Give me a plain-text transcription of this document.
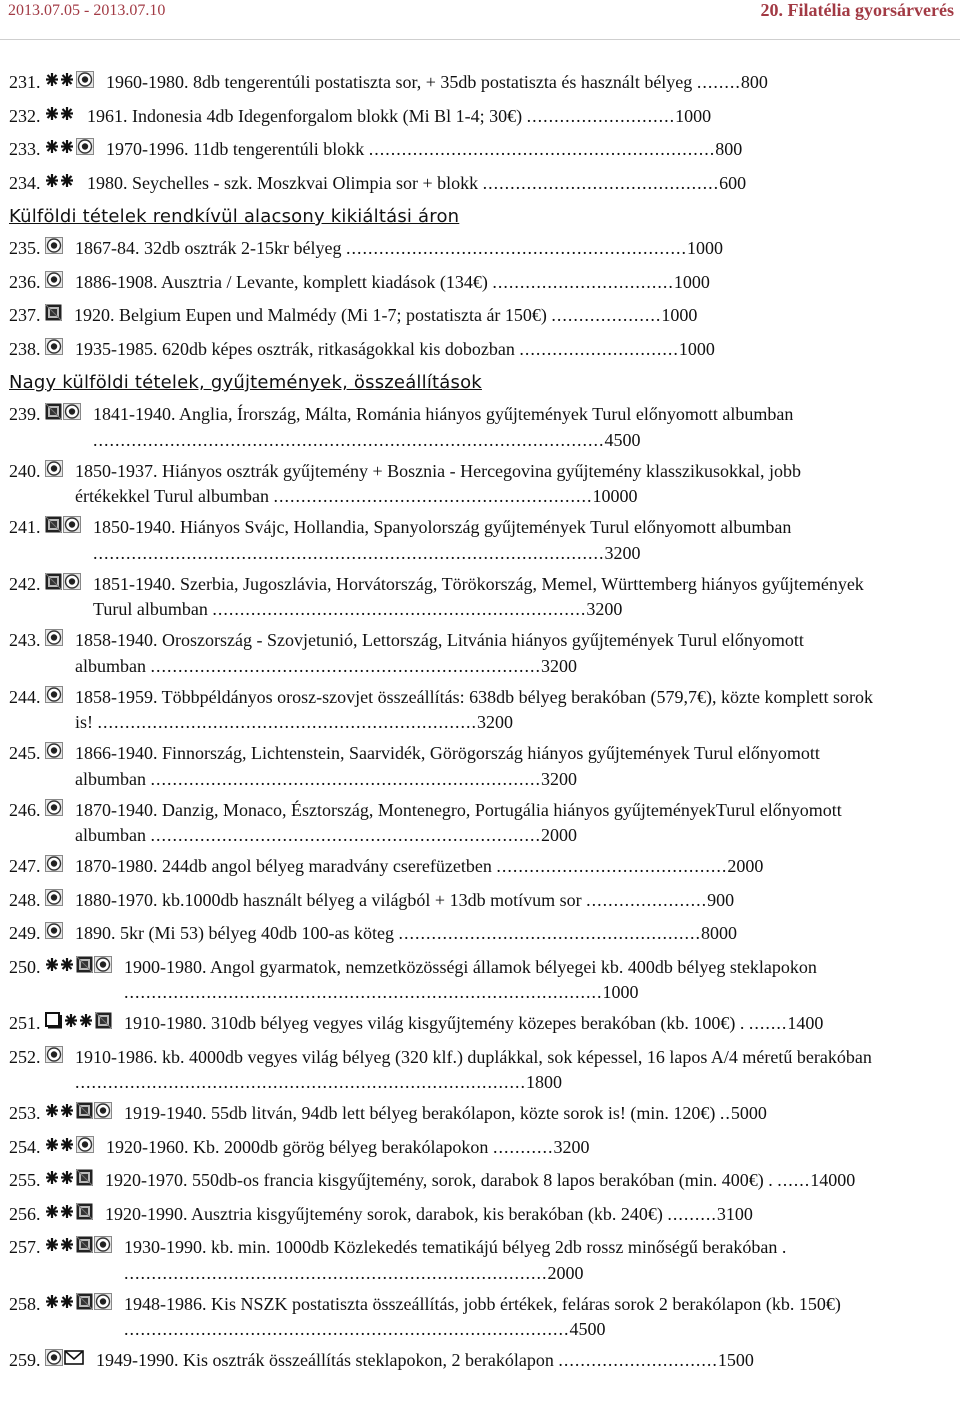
2013.07.05 - 2013.07.10	20. Filatélia gyorsárverés
231.	1960-1980. 8db tengerentúli postatiszta sor, + 35db postatiszta és használt bélyeg ........800
232.	1961. Indonesia 4db Idegenforgalom blokk (Mi Bl 1-4; 30€) ...........................1000
233.	1970-1996. 11db tengerentúli blokk ...............................................................800
234.	1980. Seychelles - szk. Moszkvai Olimpia sor + blokk ...........................................600
Külföldi tételek rendkívül alacsony kikiáltási áron
235. 1867-84. 32db osztrák 2-15kr bélyeg ..............................................................1000
236. 1886-1908. Ausztria / Levante, komplett kiadások (134€) .................................1000
237. 1920. Belgium Eupen und Malmédy (Mi 1-7; postatiszta ár 150€) ....................1000
238. 1935-1985. 620db képes osztrák, ritkaságokkal kis dobozban .............................1000
Nagy külföldi tételek, gyűjtemények, összeállítások
239.	1841-1940. Anglia, Írország, Málta, Románia hiányos gyűjtemények Turul előnyomott albumban .............................................................................................4500
240. 1850-1937. Hiányos osztrák gyűjtemény + Bosznia - Hercegovina gyűjtemény klasszikusokkal, jobb értékekkel Turul albumban ..........................................................10000
241.	1850-1940. Hiányos Svájc, Hollandia, Spanyolország gyűjtemények Turul előnyomott albumban .............................................................................................3200
242.	1851-1940. Szerbia, Jugoszlávia, Horvátország, Törökország, Memel, Württemberg hiányos gyűjtemények Turul albumban ....................................................................3200
243. 1858-1940. Oroszország - Szovjetunió, Lettország, Litvánia hiányos gyűjtemények Turul előnyomott albumban .......................................................................3200
244. 1858-1959. Többpéldányos orosz-szovjet összeállítás: 638db bélyeg berakóban (579,7€), közte komplett sorok is! .....................................................................3200
245. 1866-1940. Finnország, Lichtenstein, Saarvidék, Görögország hiányos gyűjtemények Turul előnyomott albumban .......................................................................3200
246. 1870-1940. Danzig, Monaco, Észtország, Montenegro, Portugália hiányos gyűjteményekTurul előnyomott albumban .......................................................................2000
247. 1870-1980. 244db angol bélyeg maradvány cserefüzetben ..........................................2000
248. 1880-1970. kb.1000db használt bélyeg a világból + 13db motívum sor ......................900
249. 1890. 5kr (Mi 53) bélyeg 40db 100-as köteg .......................................................8000
250.	1900-1980. Angol gyarmatok, nemzetközösségi államok bélyegei kb. 400db bélyeg steklapokon .......................................................................................1000
251.	1910-1980. 310db bélyeg vegyes világ kisgyűjtemény közepes berakóban (kb. 100€) . .......1400
252. 1910-1986. kb. 4000db vegyes világ bélyeg (320 klf.) duplákkal, sok képessel, 16 lapos A/4 méretű berakóban ..................................................................................1800
253.	1919-1940. 55db litván, 94db lett bélyeg berakólapon, közte sorok is! (min. 120€) ..5000
254.	1920-1960. Kb. 2000db görög bélyeg berakólapokon ...........3200
255.	1920-1970. 550db-os francia kisgyűjtemény, sorok, darabok 8 lapos berakóban (min. 400€) . ......14000
256.	1920-1990. Ausztria kisgyűjtemény sorok, darabok, kis berakóban (kb. 240€) .........3100
257.	1930-1990. kb. min. 1000db Közlekedés tematikájú bélyeg 2db rossz minőségű berakóban . .............................................................................2000
258.	1948-1986. Kis NSZK postatiszta összeállítás, jobb értékek, feláras sorok 2 berakólapon (kb. 150€) .................................................................................4500
259.	1949-1990. Kis osztrák összeállítás steklapokon, 2 berakólapon .............................1500
